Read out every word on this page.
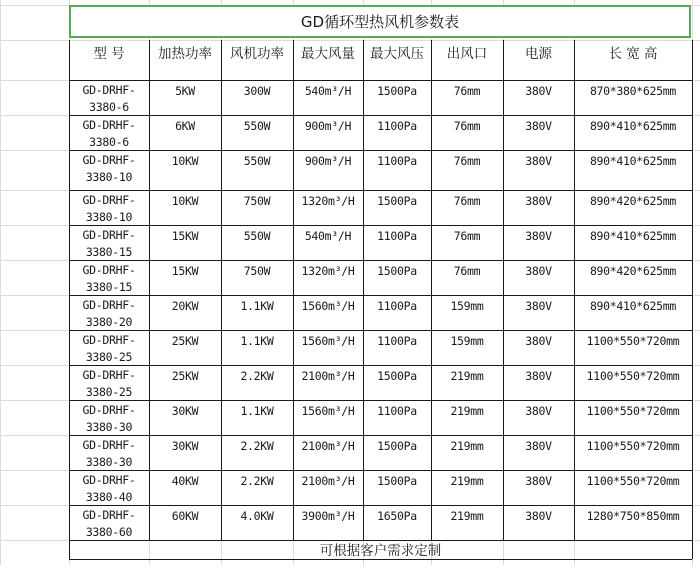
GD循环型热风机参数表
型 号	加热功率	风机功率	最大风量	最大风压	出风口	电源	长 宽 高
GD-DRHF-
3380-6
5KW	300W	540m³/H	1500Pa	76mm	380V	870*380*625mm
GD-DRHF-
3380-6
6KW	550W	900m³/H	1100Pa	76mm	380V	890*410*625mm
GD-DRHF-
3380-10
10KW	550W	900m³/H	1100Pa	76mm	380V	890*410*625mm
GD-DRHF-
3380-10
10KW	750W	1320m³/H	1500Pa	76mm	380V	890*420*625mm
GD-DRHF-
3380-15
15KW	550W	540m³/H	1100Pa	76mm	380V	890*410*625mm
GD-DRHF-
3380-15
15KW	750W	1320m³/H	1500Pa	76mm	380V	890*420*625mm
GD-DRHF-
3380-20
20KW	1.1KW	1560m³/H	1100Pa	159mm	380V	890*410*625mm
GD-DRHF-
3380-25
25KW	1.1KW	1560m³/H	1100Pa	159mm	380V	1100*550*720mm
GD-DRHF-
3380-25
25KW	2.2KW	2100m³/H	1500Pa	219mm	380V	1100*550*720mm
GD-DRHF-
3380-30
30KW	1.1KW	1560m³/H	1100Pa	219mm	380V	1100*550*720mm
GD-DRHF-
3380-30
30KW	2.2KW	2100m³/H	1500Pa	219mm	380V	1100*550*720mm
GD-DRHF-
3380-40
40KW	2.2KW	2100m³/H	1500Pa	219mm	380V	1100*550*720mm
GD-DRHF-
3380-60
60KW	4.0KW	3900m³/H	1650Pa	219mm	380V	1280*750*850mm
可根据客户需求定制
